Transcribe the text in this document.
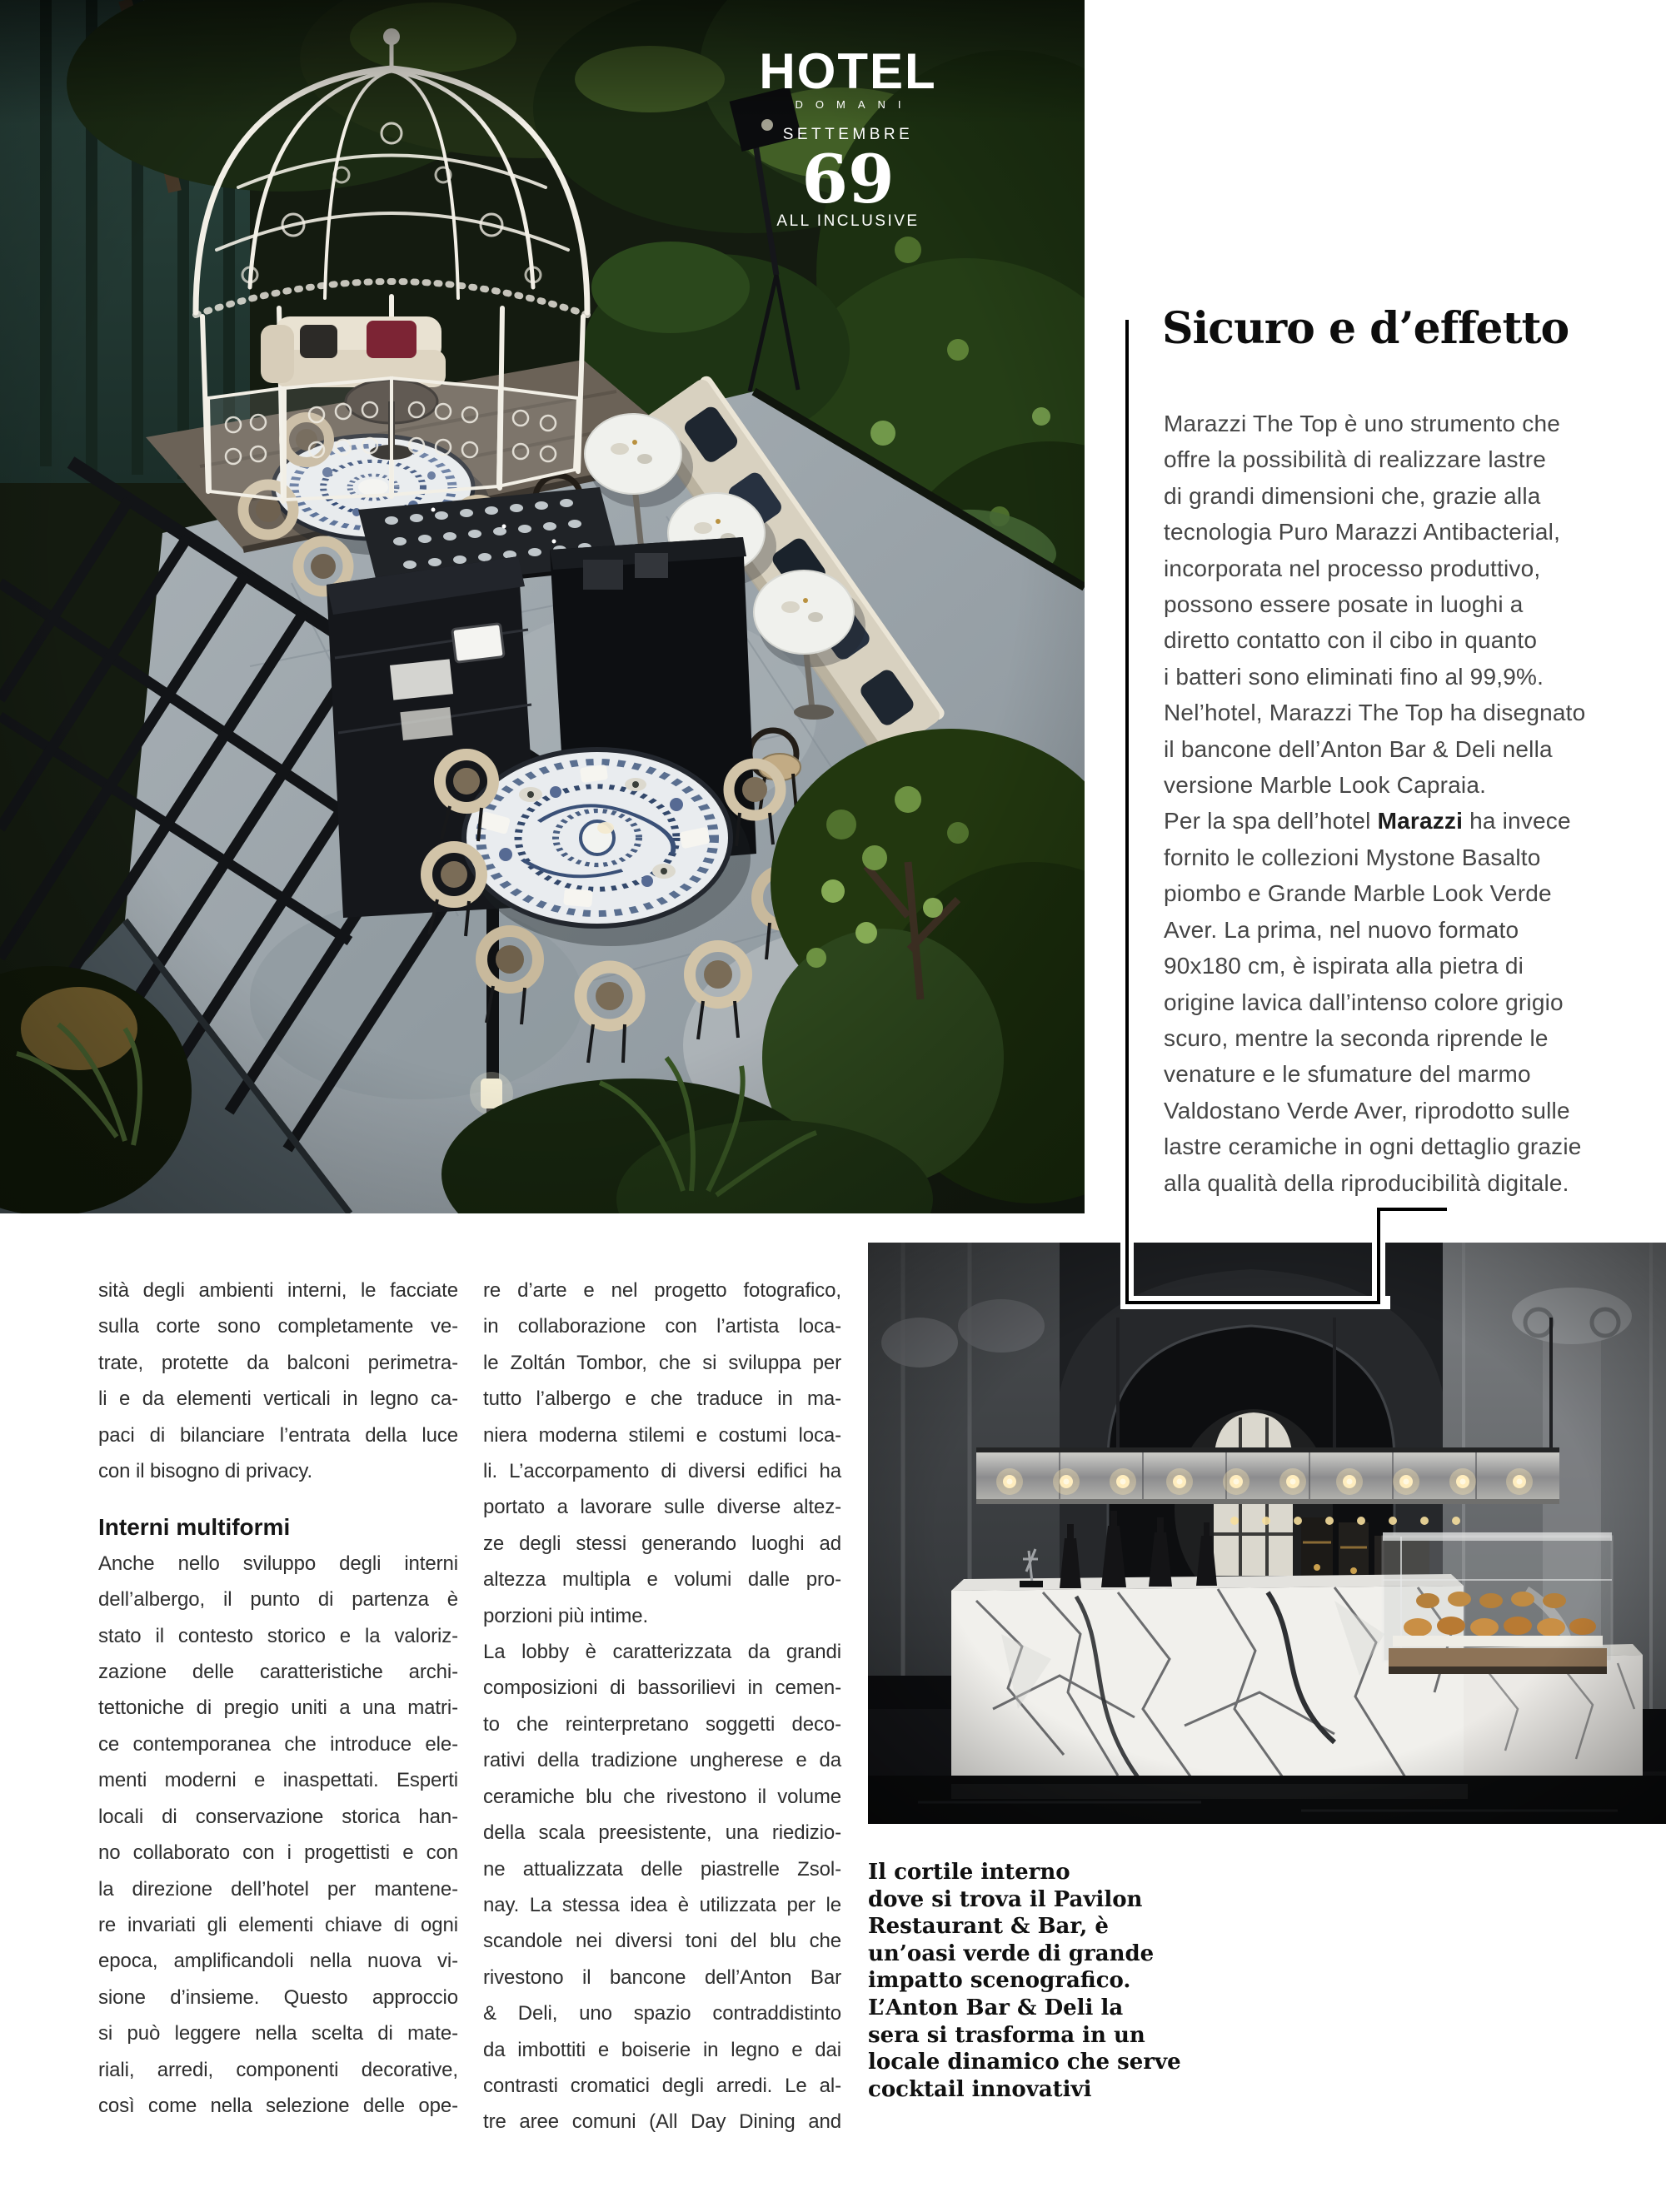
HOTEL
DOMANI
SETTEMBRE
69
ALL INCLUSIVE
Sicuro e d’effetto
Marazzi The Top è uno strumento che
offre la possibilità di realizzare lastre
di grandi dimensioni che, grazie alla
tecnologia Puro Marazzi Antibacterial,
incorporata nel processo produttivo,
possono essere posate in luoghi a
diretto contatto con il cibo in quanto
i batteri sono eliminati fino al 99,9%.
Nel’hotel, Marazzi The Top ha disegnato
il bancone dell’Anton Bar & Deli nella
versione Marble Look Capraia.
Per la spa dell’hotel Marazzi ha invece
fornito le collezioni Mystone Basalto
piombo e Grande Marble Look Verde
Aver. La prima, nel nuovo formato
90x180 cm, è ispirata alla pietra di
origine lavica dall’intenso colore grigio
scuro, mentre la seconda riprende le
venature e le sfumature del marmo
Valdostano Verde Aver, riprodotto sulle
lastre ceramiche in ogni dettaglio grazie
alla qualità della riproducibilità digitale.
sità degli ambienti interni, le facciate
sulla corte sono completamente ve-
trate, protette da balconi perimetra-
li e da elementi verticali in legno ca-
paci di bilanciare l’entrata della luce
con il bisogno di privacy.
Interni multiformi
Anche nello sviluppo degli interni
dell’albergo, il punto di partenza è
stato il contesto storico e la valoriz-
zazione delle caratteristiche archi-
tettoniche di pregio uniti a una matri-
ce contemporanea che introduce ele-
menti moderni e inaspettati. Esperti
locali di conservazione storica han-
no collaborato con i progettisti e con
la direzione dell’hotel per mantene-
re invariati gli elementi chiave di ogni
epoca, amplificandoli nella nuova vi-
sione d’insieme. Questo approccio
si può leggere nella scelta di mate-
riali, arredi, componenti decorative,
così come nella selezione delle ope-
re d’arte e nel progetto fotografico,
in collaborazione con l’artista loca-
le Zoltán Tombor, che si sviluppa per
tutto l’albergo e che traduce in ma-
niera moderna stilemi e costumi loca-
li. L’accorpamento di diversi edifici ha
portato a lavorare sulle diverse altez-
ze degli stessi generando luoghi ad
altezza multipla e volumi dalle pro-
porzioni più intime.
La lobby è caratterizzata da grandi
composizioni di bassorilievi in cemen-
to che reinterpretano soggetti deco-
rativi della tradizione ungherese e da
ceramiche blu che rivestono il volume
della scala preesistente, una riedizio-
ne attualizzata delle piastrelle Zsol-
nay. La stessa idea è utilizzata per le
scandole nei diversi toni del blu che
rivestono il bancone dell’Anton Bar
& Deli, uno spazio contraddistinto
da imbottiti e boiserie in legno e dai
contrasti cromatici degli arredi. Le al-
tre aree comuni (All Day Dining and
Il cortile interno
dove si trova il Pavilon
Restaurant & Bar, è
un’oasi verde di grande
impatto scenografico.
L’Anton Bar & Deli la
sera si trasforma in un
locale dinamico che serve
cocktail innovativi
